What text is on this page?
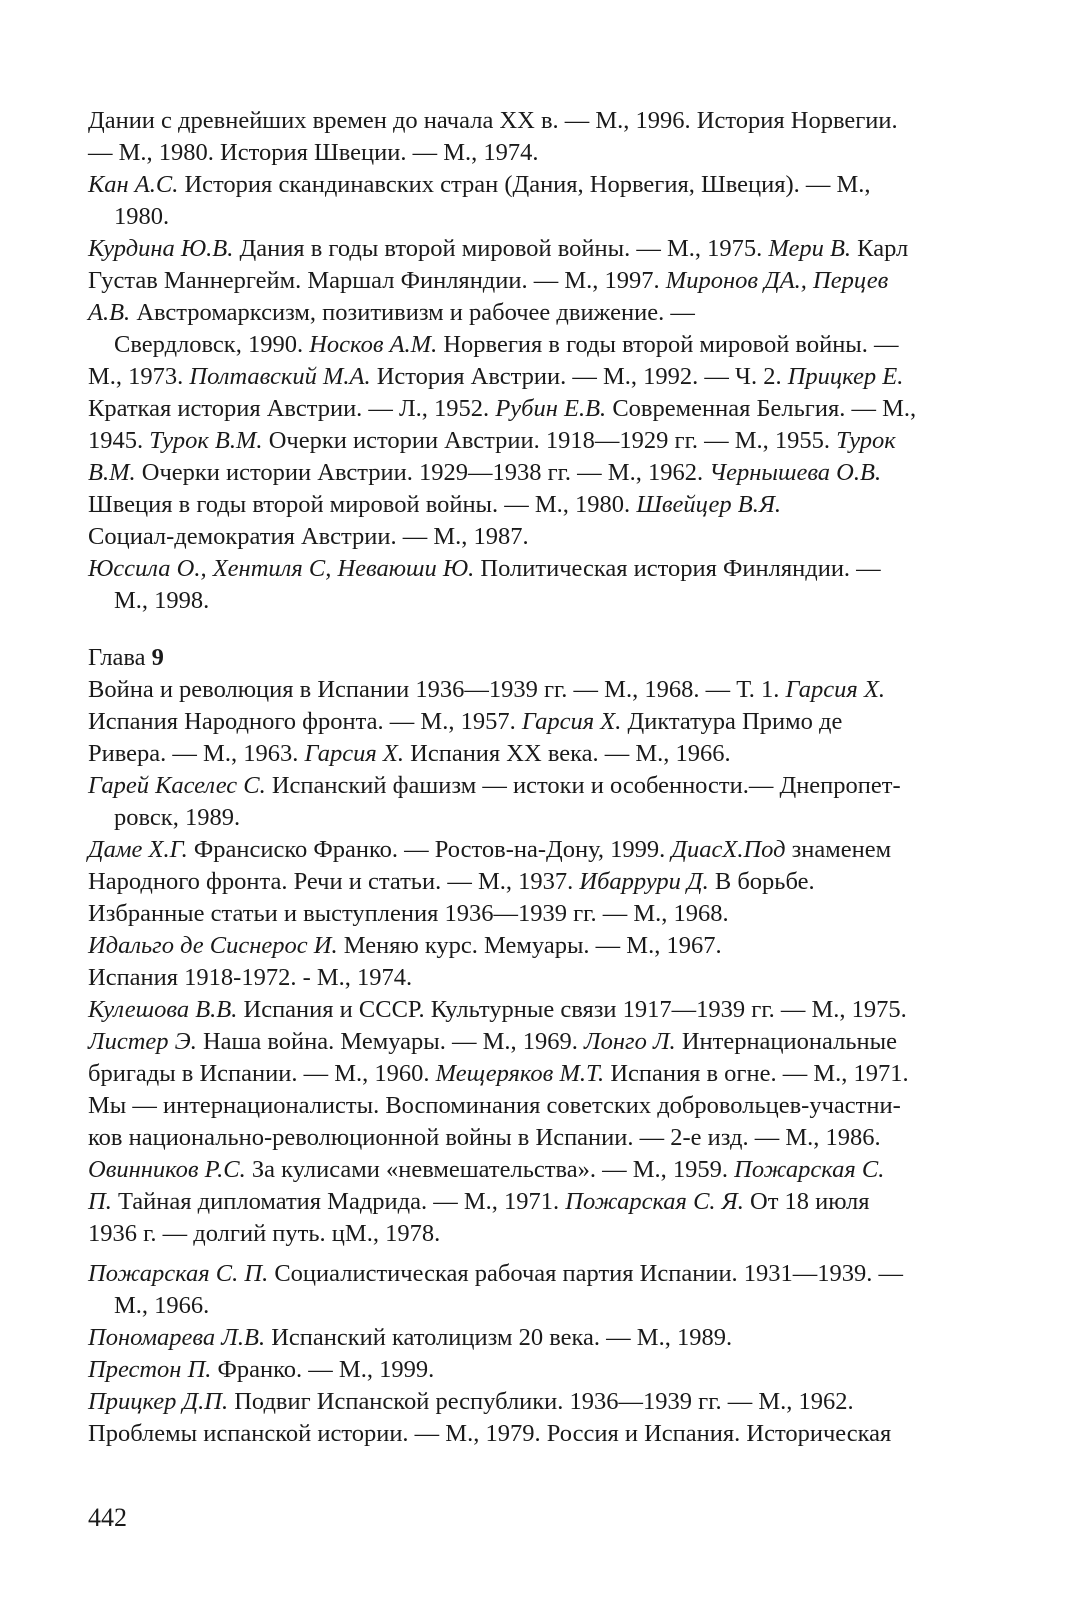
Дании с древнейших времен до начала XX в. — М., 1996. История Норвегии.
— М., 1980. История Швеции. — М., 1974.
Кан А.С. История скандинавских стран (Дания, Норвегия, Швеция). — М.,
1980.
Курдина Ю.В. Дания в годы второй мировой войны. — М., 1975. Мери В. Карл
Густав Маннергейм. Маршал Финляндии. — М., 1997. Миронов ДА., Перцев
А.В. Австромарксизм, позитивизм и рабочее движение. —
Свердловск, 1990. Носков А.М. Норвегия в годы второй мировой войны. —
М., 1973. Полтавский М.А. История Австрии. — М., 1992. — Ч. 2. Прицкер Е.
Краткая история Австрии. — Л., 1952. Рубин Е.В. Современная Бельгия. — М.,
1945. Турок В.М. Очерки истории Австрии. 1918—1929 гг. — М., 1955. Турок
В.М. Очерки истории Австрии. 1929—1938 гг. — М., 1962. Чернышева О.В.
Швеция в годы второй мировой войны. — М., 1980. Швейцер В.Я.
Социал-демократия Австрии. — М., 1987.
Юссила О., Хентиля С, Неваюши Ю. Политическая история Финляндии. —
М., 1998.
Глава 9
Война и революция в Испании 1936—1939 гг. — М., 1968. — Т. 1. Гарсия X.
Испания Народного фронта. — М., 1957. Гарсия X. Диктатура Примо де
Ривера. — М., 1963. Гарсия X. Испания XX века. — М., 1966.
Гарей Каселес С. Испанский фашизм — истоки и особенности.— Днепропет-
ровск, 1989.
Даме Х.Г. Франсиско Франко. — Ростов-на-Дону, 1999. ДиасХ.Под знаменем
Народного фронта. Речи и статьи. — М., 1937. Ибаррури Д. В борьбе.
Избранные статьи и выступления 1936—1939 гг. — М., 1968.
Идальго де Сиснерос И. Меняю курс. Мемуары. — М., 1967.
Испания 1918-1972. - М., 1974.
Кулешова В.В. Испания и СССР. Культурные связи 1917—1939 гг. — М., 1975.
Листер Э. Наша война. Мемуары. — М., 1969. Лонго Л. Интернациональные
бригады в Испании. — М., 1960. Мещеряков М.Т. Испания в огне. — М., 1971.
Мы — интернационалисты. Воспоминания советских добровольцев-участни-
ков национально-революционной войны в Испании. — 2-е изд. — М., 1986.
Овинников Р.С. За кулисами «невмешательства». — М., 1959. Пожарская С.
П. Тайная дипломатия Мадрида. — М., 1971. Пожарская С. Я. От 18 июля
1936 г. — долгий путь. цМ., 1978.
Пожарская С. П. Социалистическая рабочая партия Испании. 1931—1939. —
М., 1966.
Пономарева Л.В. Испанский католицизм 20 века. — М., 1989.
Престон П. Франко. — М., 1999.
Прицкер Д.П. Подвиг Испанской республики. 1936—1939 гг. — М., 1962.
Проблемы испанской истории. — М., 1979. Россия и Испания. Историческая
442
